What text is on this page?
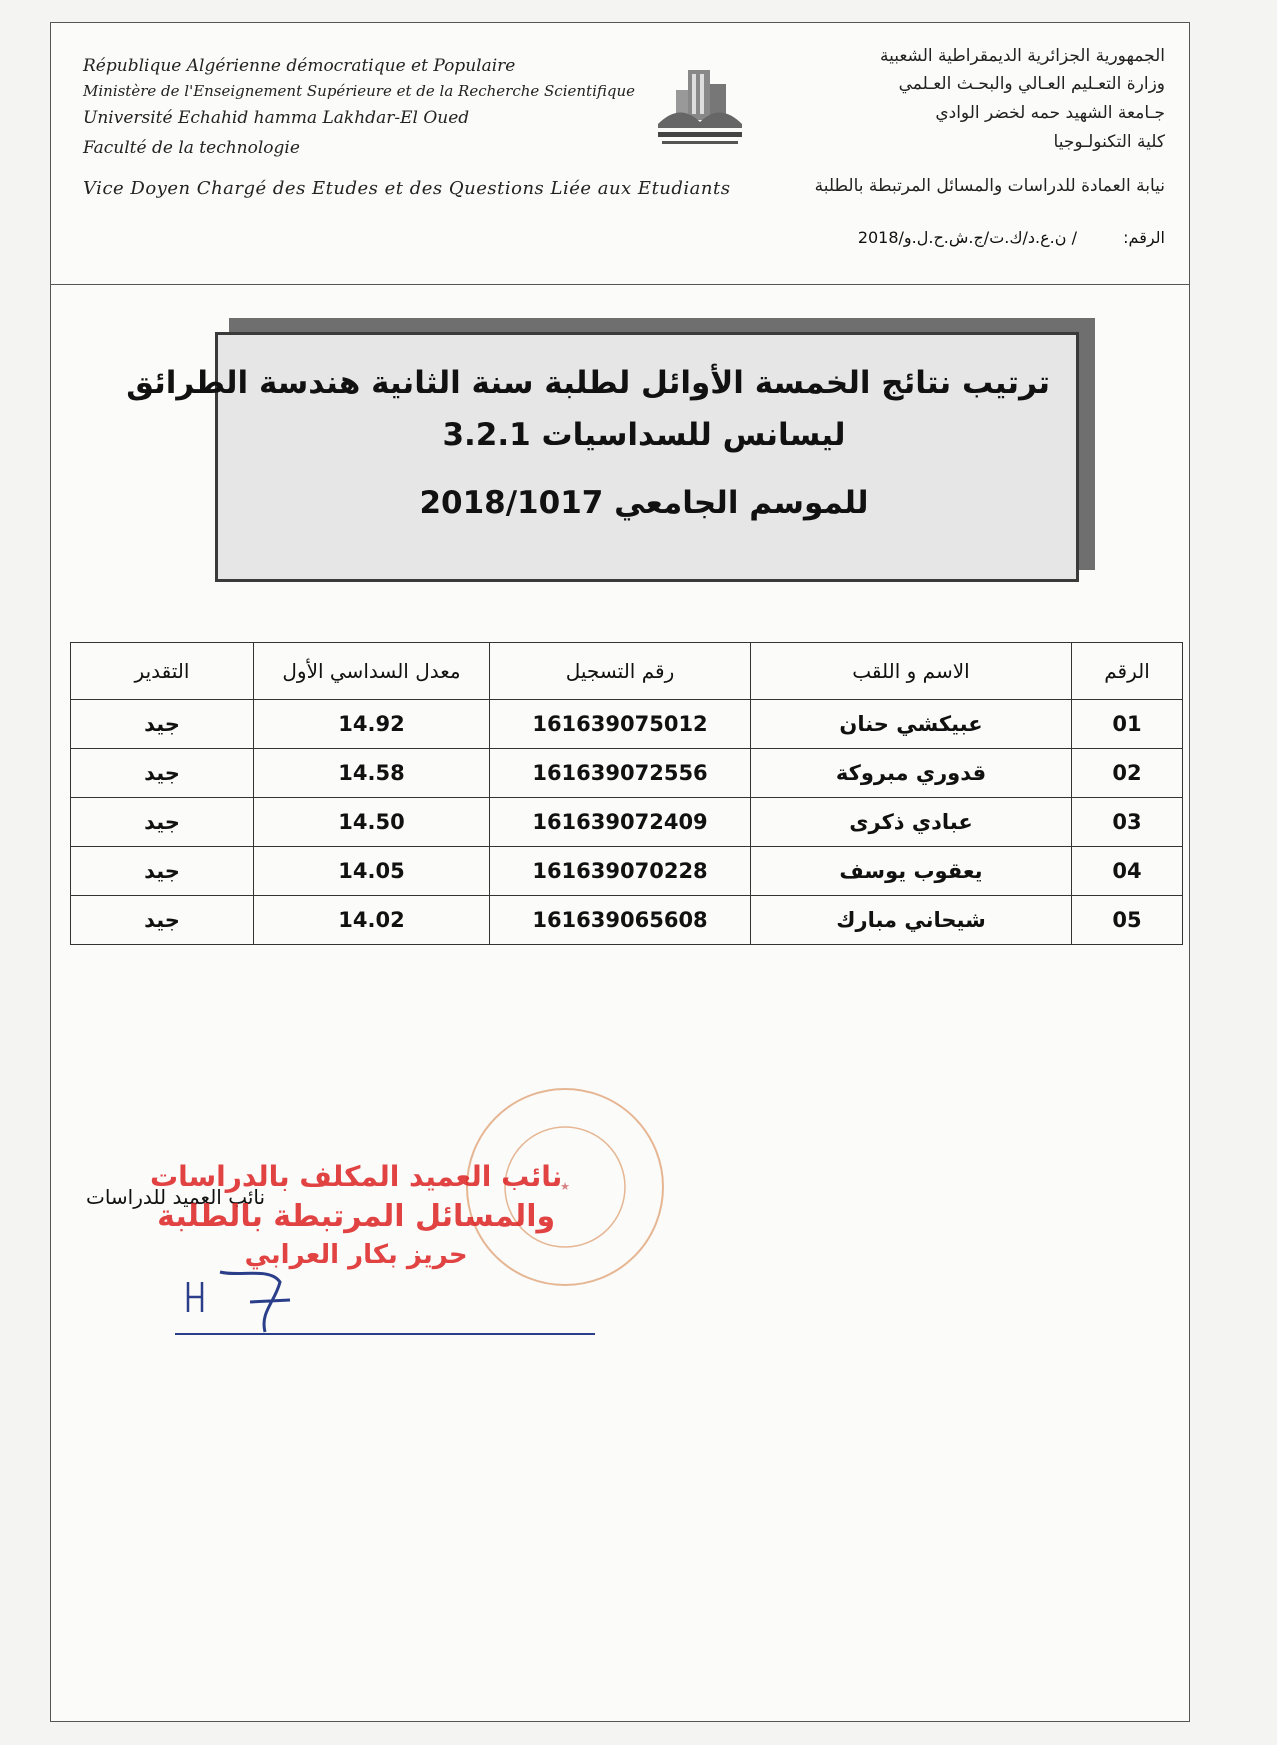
République Algérienne démocratique et Populaire
Ministère de l'Enseignement Supérieure et de la Recherche Scientifique
Université Echahid hamma Lakhdar-El Oued
Faculté de la technologie
Vice Doyen Chargé des Etudes et des Questions Liée aux Etudiants
الجمهورية الجزائرية الديمقراطية الشعبية
وزارة التعـليم العـالي والبحـث العـلمي
جـامعة الشهيد حمه لخضر الوادي
كلية التكنولـوجيا
نيابة العمادة للدراسات والمسائل المرتبطة بالطلبة
الرقم:
/ ن.ع.د/ك.ت/ج.ش.ح.ل.و/2018
ترتيب نتائج الخمسة الأوائل لطلبة سنة الثانية هندسة الطرائق
ليسانس للسداسيات 3.2.1
للموسم الجامعي 2018/1017
الرقم	الاسم و اللقب	رقم التسجيل	معدل السداسي الأول	التقدير
01	عبيكشي حنان	161639075012	14.92	جيد
02	قدوري مبروكة	161639072556	14.58	جيد
03	عبادي ذكرى	161639072409	14.50	جيد
04	يعقوب يوسف	161639070228	14.05	جيد
05	شيحاني مبارك	161639065608	14.02	جيد
نائب العميد للدراسات	★
نائب العميد المكلف بالدراسات
والمسائل المرتبطة بالطلبة
حريز بكار العرابي
